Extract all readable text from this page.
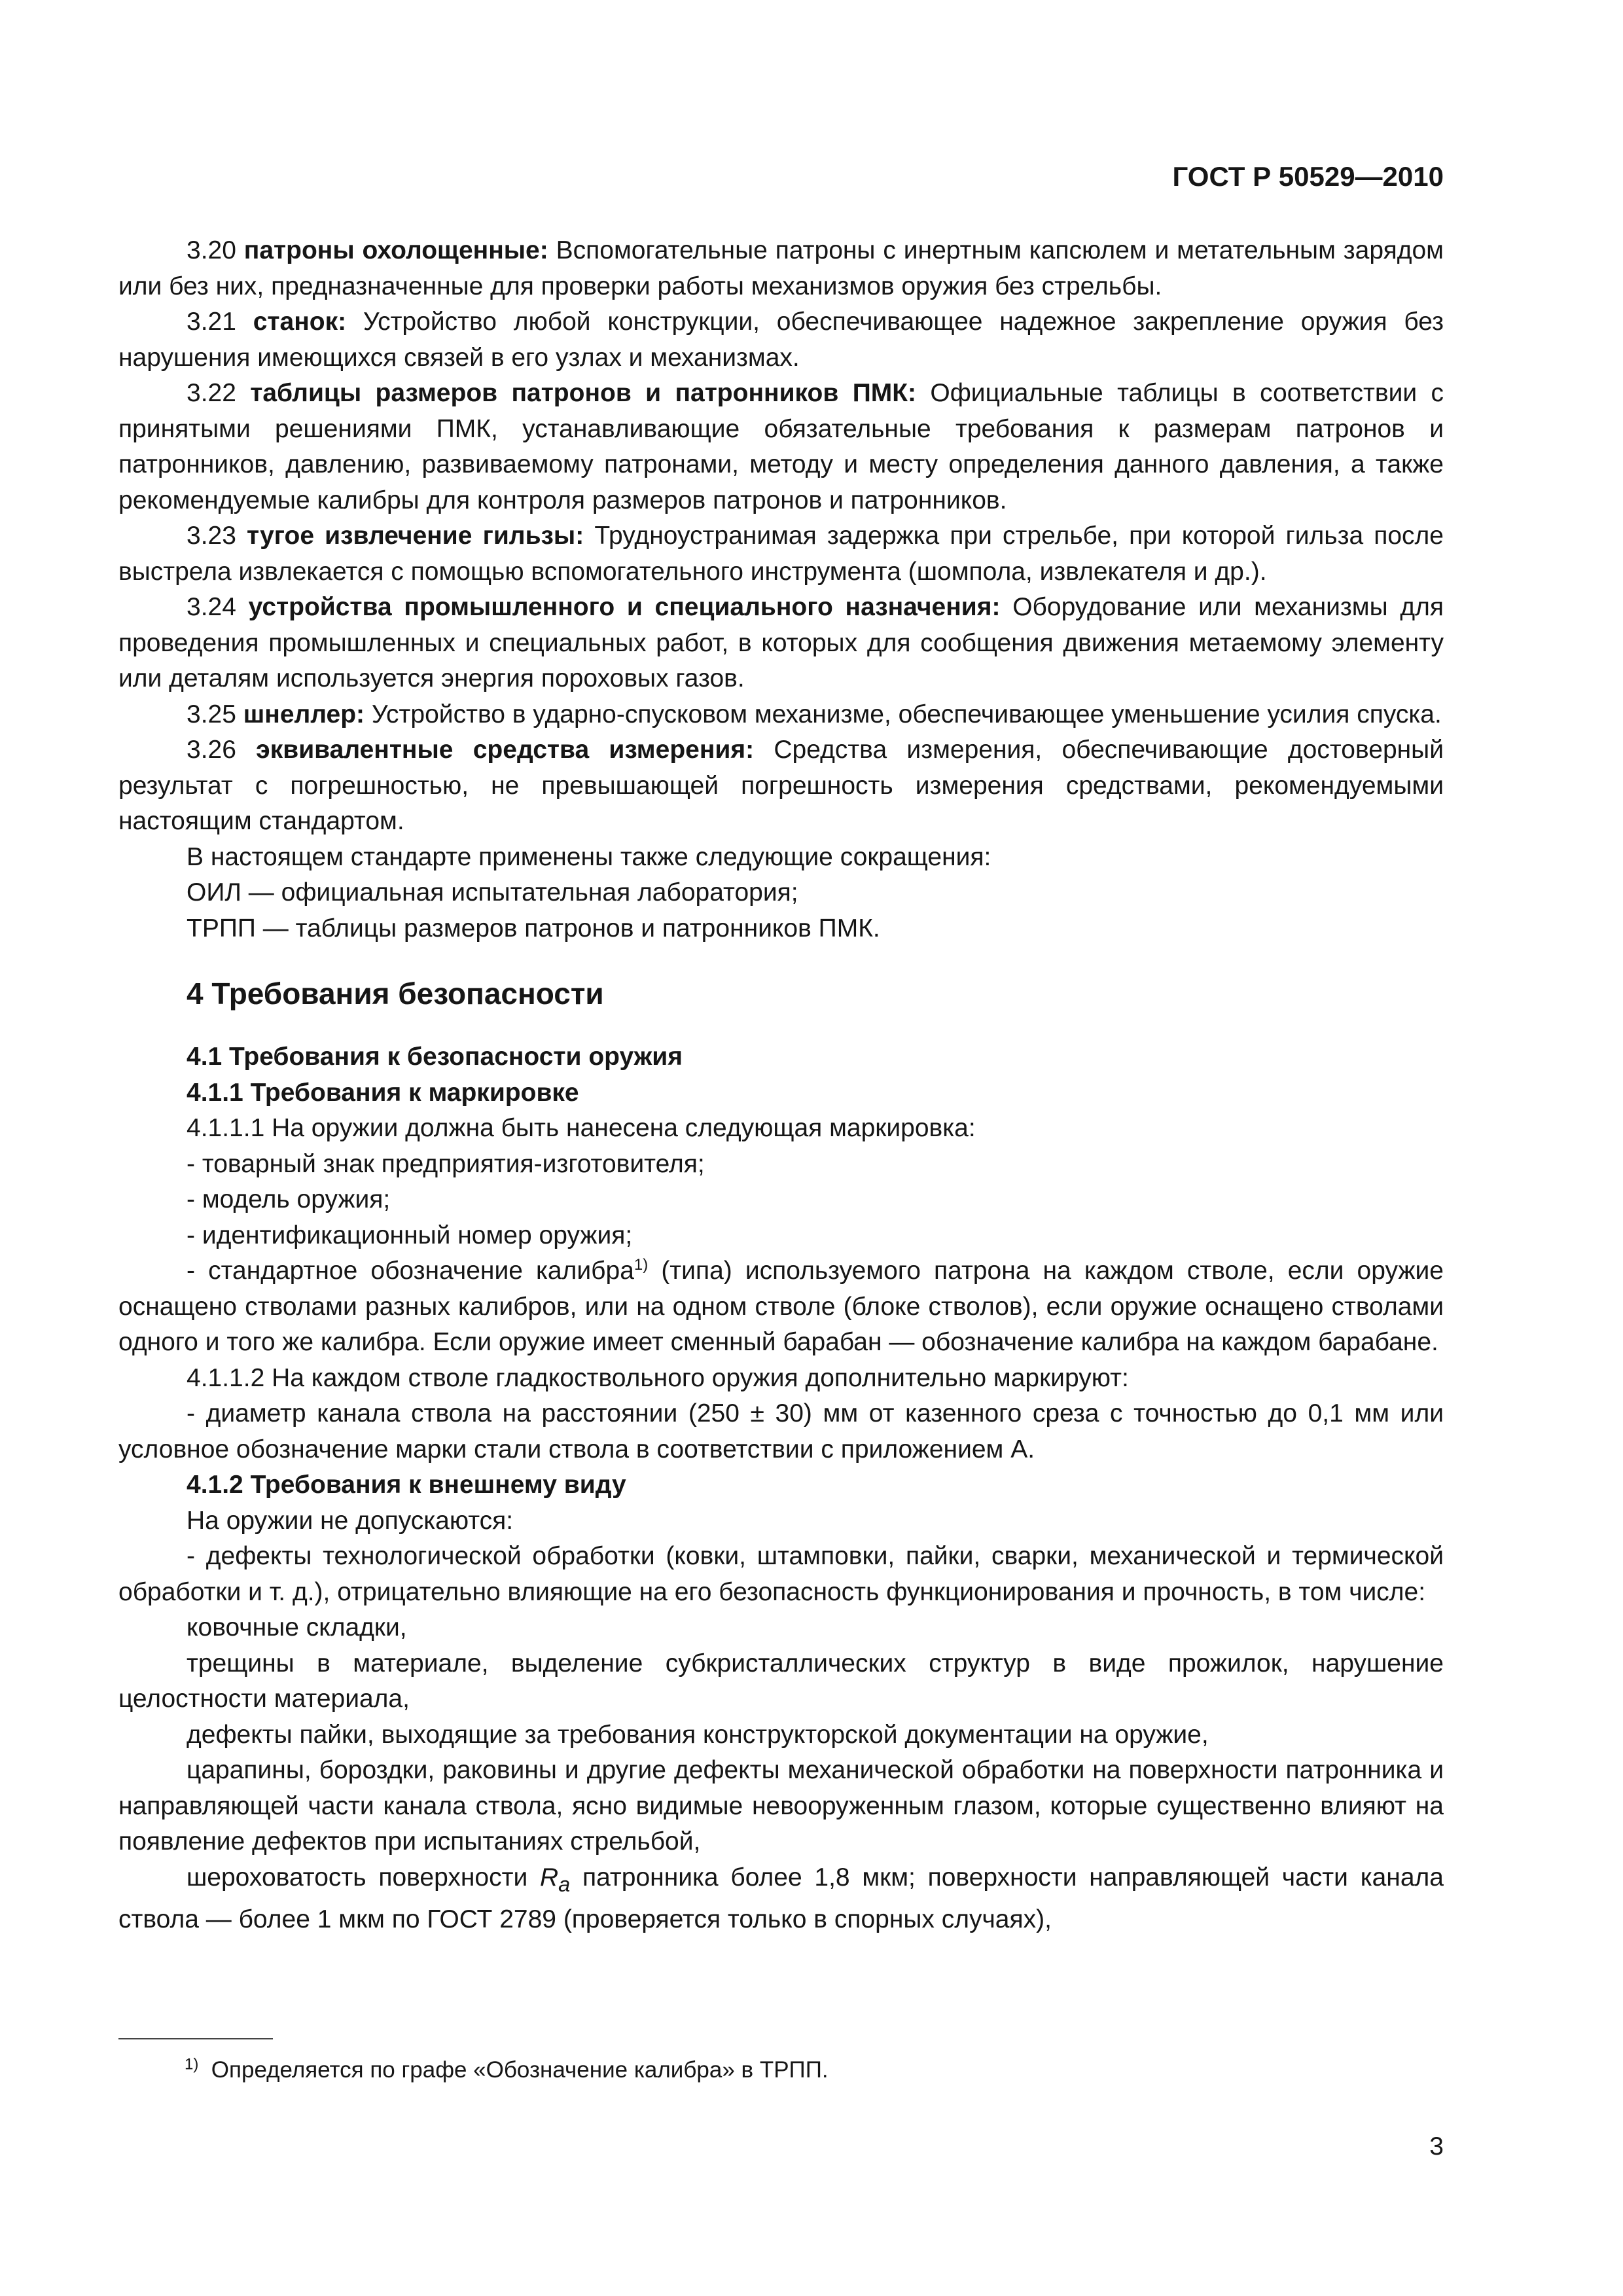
ГОСТ Р 50529—2010

3.20 патроны охолощенные: Вспомогательные патроны с инертным капсюлем и метательным зарядом или без них, предназначенные для проверки работы механизмов оружия без стрельбы.

3.21 станок: Устройство любой конструкции, обеспечивающее надежное закрепление оружия без нарушения имеющихся связей в его узлах и механизмах.

3.22 таблицы размеров патронов и патронников ПМК: Официальные таблицы в соответствии с принятыми решениями ПМК, устанавливающие обязательные требования к размерам патронов и патронников, давлению, развиваемому патронами, методу и месту определения данного давления, а также рекомендуемые калибры для контроля размеров патронов и патронников.

3.23 тугое извлечение гильзы: Трудноустранимая задержка при стрельбе, при которой гильза после выстрела извлекается с помощью вспомогательного инструмента (шомпола, извлекателя и др.).

3.24 устройства промышленного и специального назначения: Оборудование или механизмы для проведения промышленных и специальных работ, в которых для сообщения движения метаемому элементу или деталям используется энергия пороховых газов.

3.25 шнеллер: Устройство в ударно-спусковом механизме, обеспечивающее уменьшение усилия спуска.

3.26 эквивалентные средства измерения: Средства измерения, обеспечивающие достоверный результат с погрешностью, не превышающей погрешность измерения средствами, рекомендуемыми настоящим стандартом.

В настоящем стандарте применены также следующие сокращения:

ОИЛ — официальная испытательная лаборатория;

ТРПП — таблицы размеров патронов и патронников ПМК.

4 Требования безопасности

4.1 Требования к безопасности оружия

4.1.1 Требования к маркировке

4.1.1.1 На оружии должна быть нанесена следующая маркировка:

- товарный знак предприятия-изготовителя;

- модель оружия;

- идентификационный номер оружия;

- стандартное обозначение калибра$^{1)}$ (типа) используемого патрона на каждом стволе, если оружие оснащено стволами разных калибров, или на одном стволе (блоке стволов), если оружие оснащено стволами одного и того же калибра. Если оружие имеет сменный барабан — обозначение калибра на каждом барабане.

4.1.1.2 На каждом стволе гладкоствольного оружия дополнительно маркируют:

- диаметр канала ствола на расстоянии (250 ± 30) мм от казенного среза с точностью до 0,1 мм или условное обозначение марки стали ствола в соответствии с приложением А.

4.1.2 Требования к внешнему виду

На оружии не допускаются:

- дефекты технологической обработки (ковки, штамповки, пайки, сварки, механической и термической обработки и т. д.), отрицательно влияющие на его безопасность функционирования и прочность, в том числе:

ковочные складки,

трещины в материале, выделение субкристаллических структур в виде прожилок, нарушение целостности материала,

дефекты пайки, выходящие за требования конструкторской документации на оружие,

царапины, бороздки, раковины и другие дефекты механической обработки на поверхности патронника и направляющей части канала ствола, ясно видимые невооруженным глазом, которые существенно влияют на появление дефектов при испытаниях стрельбой,

шероховатость поверхности $R_a$ патронника более 1,8 мкм; поверхности направляющей части канала ствола — более 1 мкм по ГОСТ 2789 (проверяется только в спорных случаях),

$^{1)}$ Определяется по графе «Обозначение калибра» в ТРПП.
3
